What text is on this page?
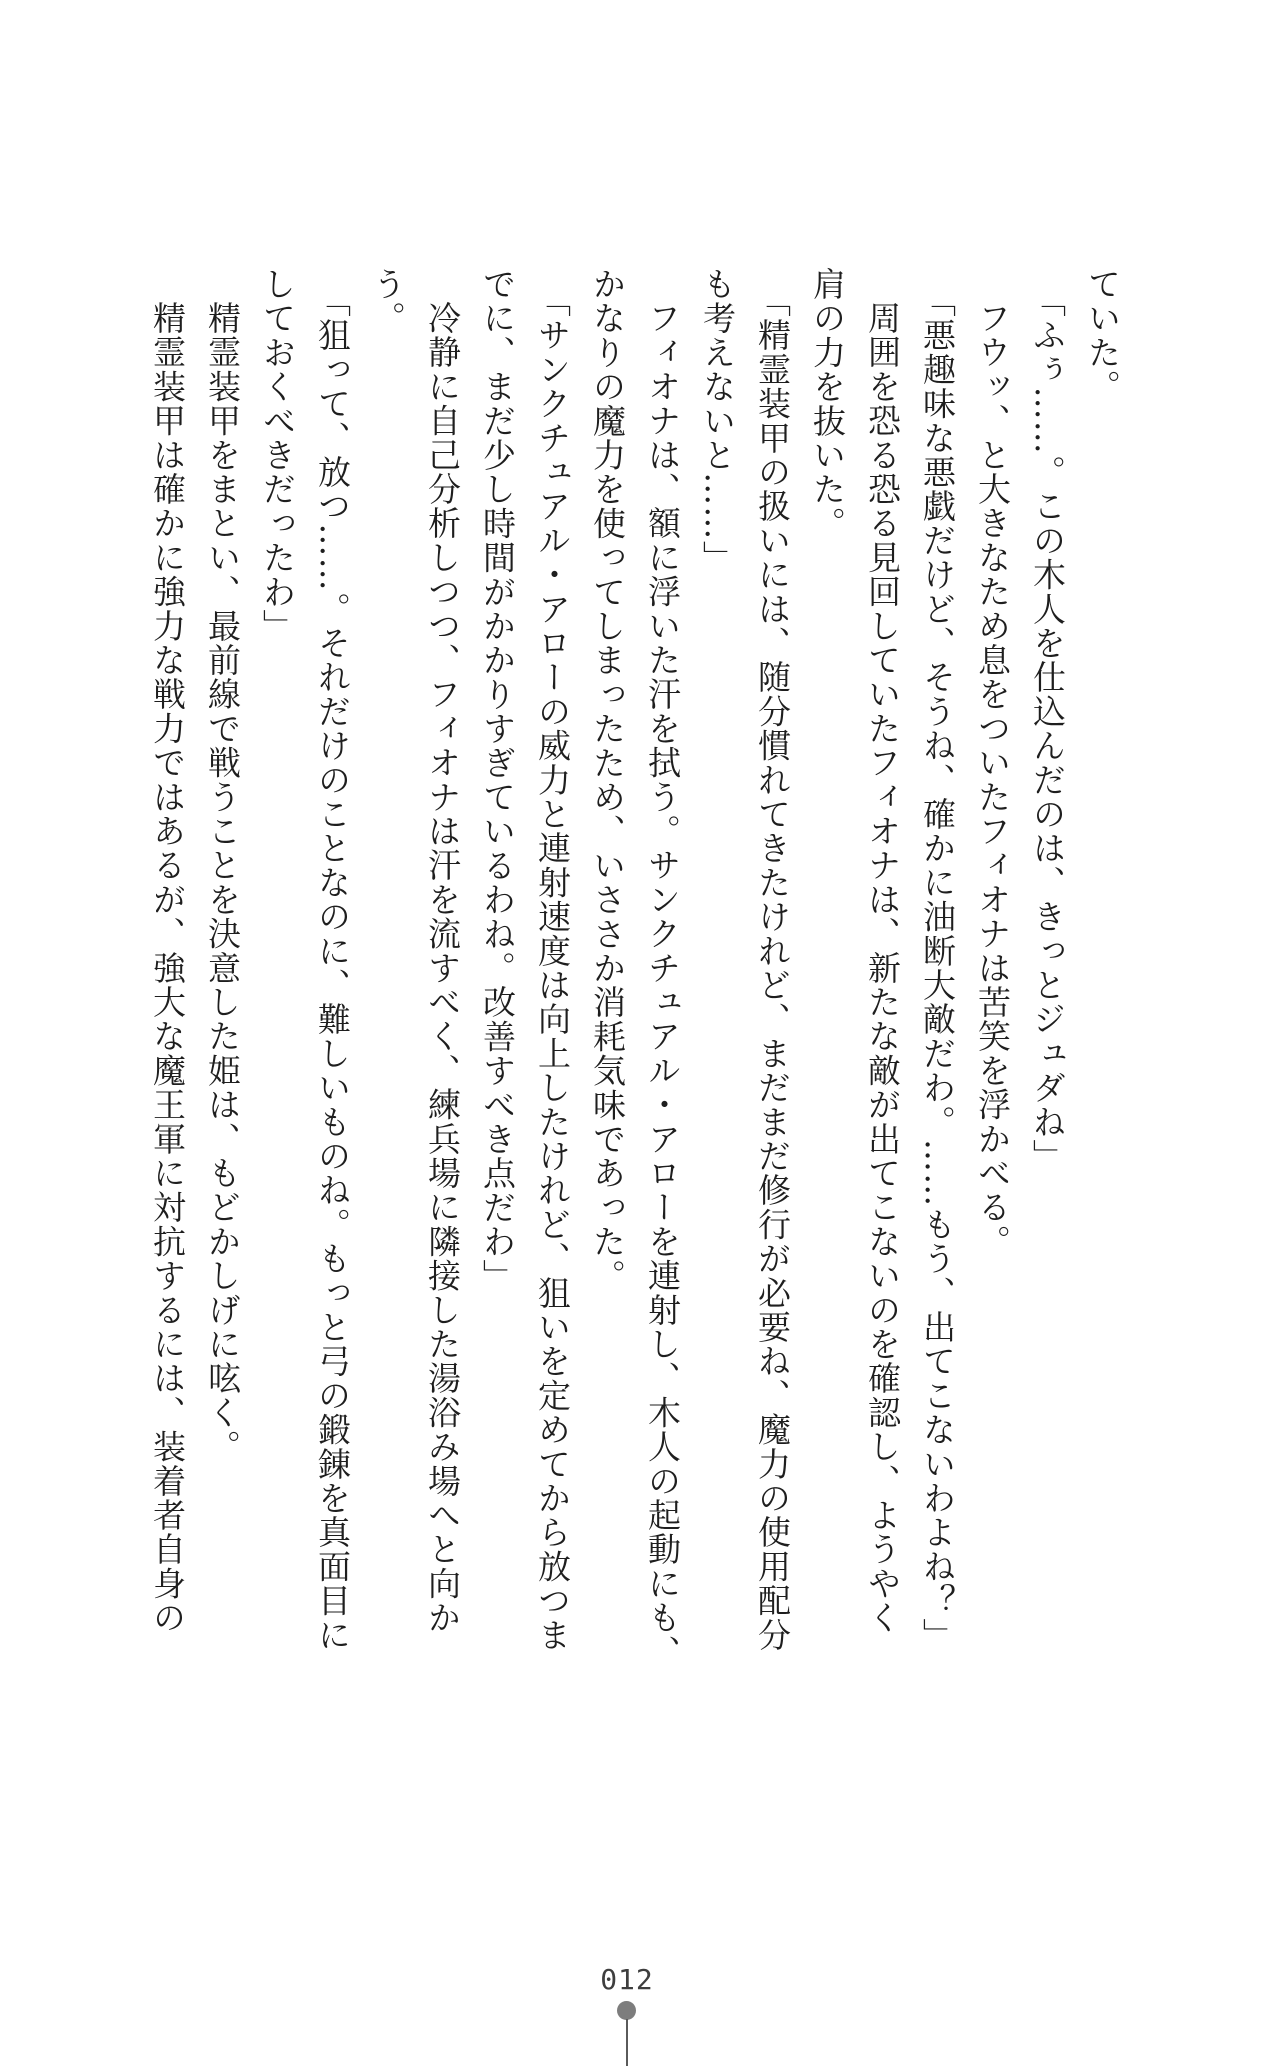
ていた。
「ふぅ……。この木人を仕込んだのは、きっとジュダね」
フウッ、と大きなため息をついたフィオナは苦笑を浮かべる。
「悪趣味な悪戯だけど、そうね、確かに油断大敵だわ。……もう、出てこないわよね？」
周囲を恐る恐る見回していたフィオナは、新たな敵が出てこないのを確認し、ようやく
肩の力を抜いた。
「精霊装甲の扱いには、随分慣れてきたけれど、まだまだ修行が必要ね、魔力の使用配分
も考えないと……」
フィオナは、額に浮いた汗を拭う。サンクチュアル・アローを連射し、木人の起動にも、
かなりの魔力を使ってしまったため、いささか消耗気味であった。
「サンクチュアル・アローの威力と連射速度は向上したけれど、狙いを定めてから放つま
でに、まだ少し時間がかかりすぎているわね。改善すべき点だわ」
冷静に自己分析しつつ、フィオナは汗を流すべく、練兵場に隣接した湯浴み場へと向か
う。
「狙って、放つ……。それだけのことなのに、難しいものね。もっと弓の鍛錬を真面目に
しておくべきだったわ」
精霊装甲をまとい、最前線で戦うことを決意した姫は、もどかしげに呟く。
精霊装甲は確かに強力な戦力ではあるが、強大な魔王軍に対抗するには、装着者自身の
012
